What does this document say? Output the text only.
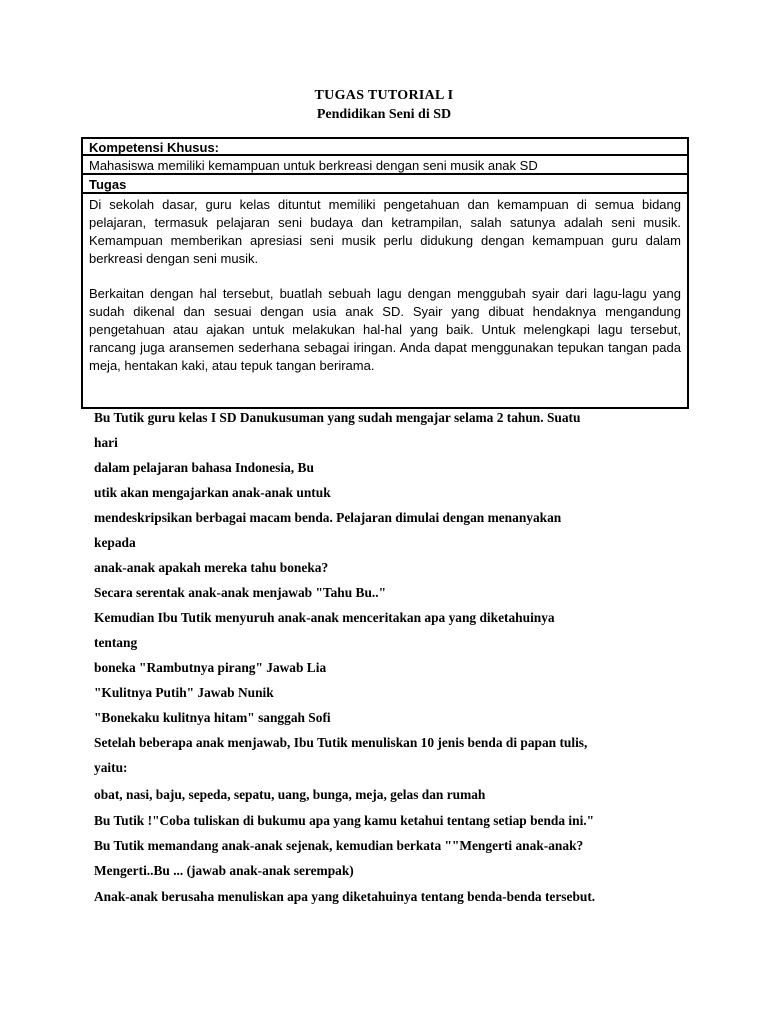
TUGAS TUTORIAL I
Pendidikan Seni di SD
Kompetensi Khusus:
Mahasiswa memiliki kemampuan untuk berkreasi dengan seni musik anak SD
Tugas
Di sekolah dasar, guru kelas dituntut memiliki pengetahuan dan kemampuan di semua bidang pelajaran, termasuk pelajaran seni budaya dan ketrampilan, salah satunya adalah seni musik. Kemampuan memberikan apresiasi seni musik perlu didukung dengan kemampuan guru dalam berkreasi dengan seni musik.
Berkaitan dengan hal tersebut, buatlah sebuah lagu dengan menggubah syair dari lagu-lagu yang sudah dikenal dan sesuai dengan usia anak SD. Syair yang dibuat hendaknya mengandung pengetahuan atau ajakan untuk melakukan hal-hal yang baik. Untuk melengkapi lagu tersebut, rancang juga aransemen sederhana sebagai iringan. Anda dapat menggunakan tepukan tangan pada meja, hentakan kaki, atau tepuk tangan berirama.
Bu Tutik guru kelas I SD Danukusuman yang sudah mengajar selama 2 tahun. Suatu
hari
dalam pelajaran bahasa Indonesia, Bu
utik akan mengajarkan anak-anak untuk
mendeskripsikan berbagai macam benda. Pelajaran dimulai dengan menanyakan
kepada
anak-anak apakah mereka tahu boneka?
Secara serentak anak-anak menjawab "Tahu Bu.."
Kemudian Ibu Tutik menyuruh anak-anak menceritakan apa yang diketahuinya
tentang
boneka "Rambutnya pirang" Jawab Lia
"Kulitnya Putih" Jawab Nunik
"Bonekaku kulitnya hitam" sanggah Sofi
Setelah beberapa anak menjawab, Ibu Tutik menuliskan 10 jenis benda di papan tulis,
yaitu:
obat, nasi, baju, sepeda, sepatu, uang, bunga, meja, gelas dan rumah
Bu Tutik !"Coba tuliskan di bukumu apa yang kamu ketahui tentang setiap benda ini."
Bu Tutik memandang anak-anak sejenak, kemudian berkata ""Mengerti anak-anak?
Mengerti..Bu ... (jawab anak-anak serempak)
Anak-anak berusaha menuliskan apa yang diketahuinya tentang benda-benda tersebut.
